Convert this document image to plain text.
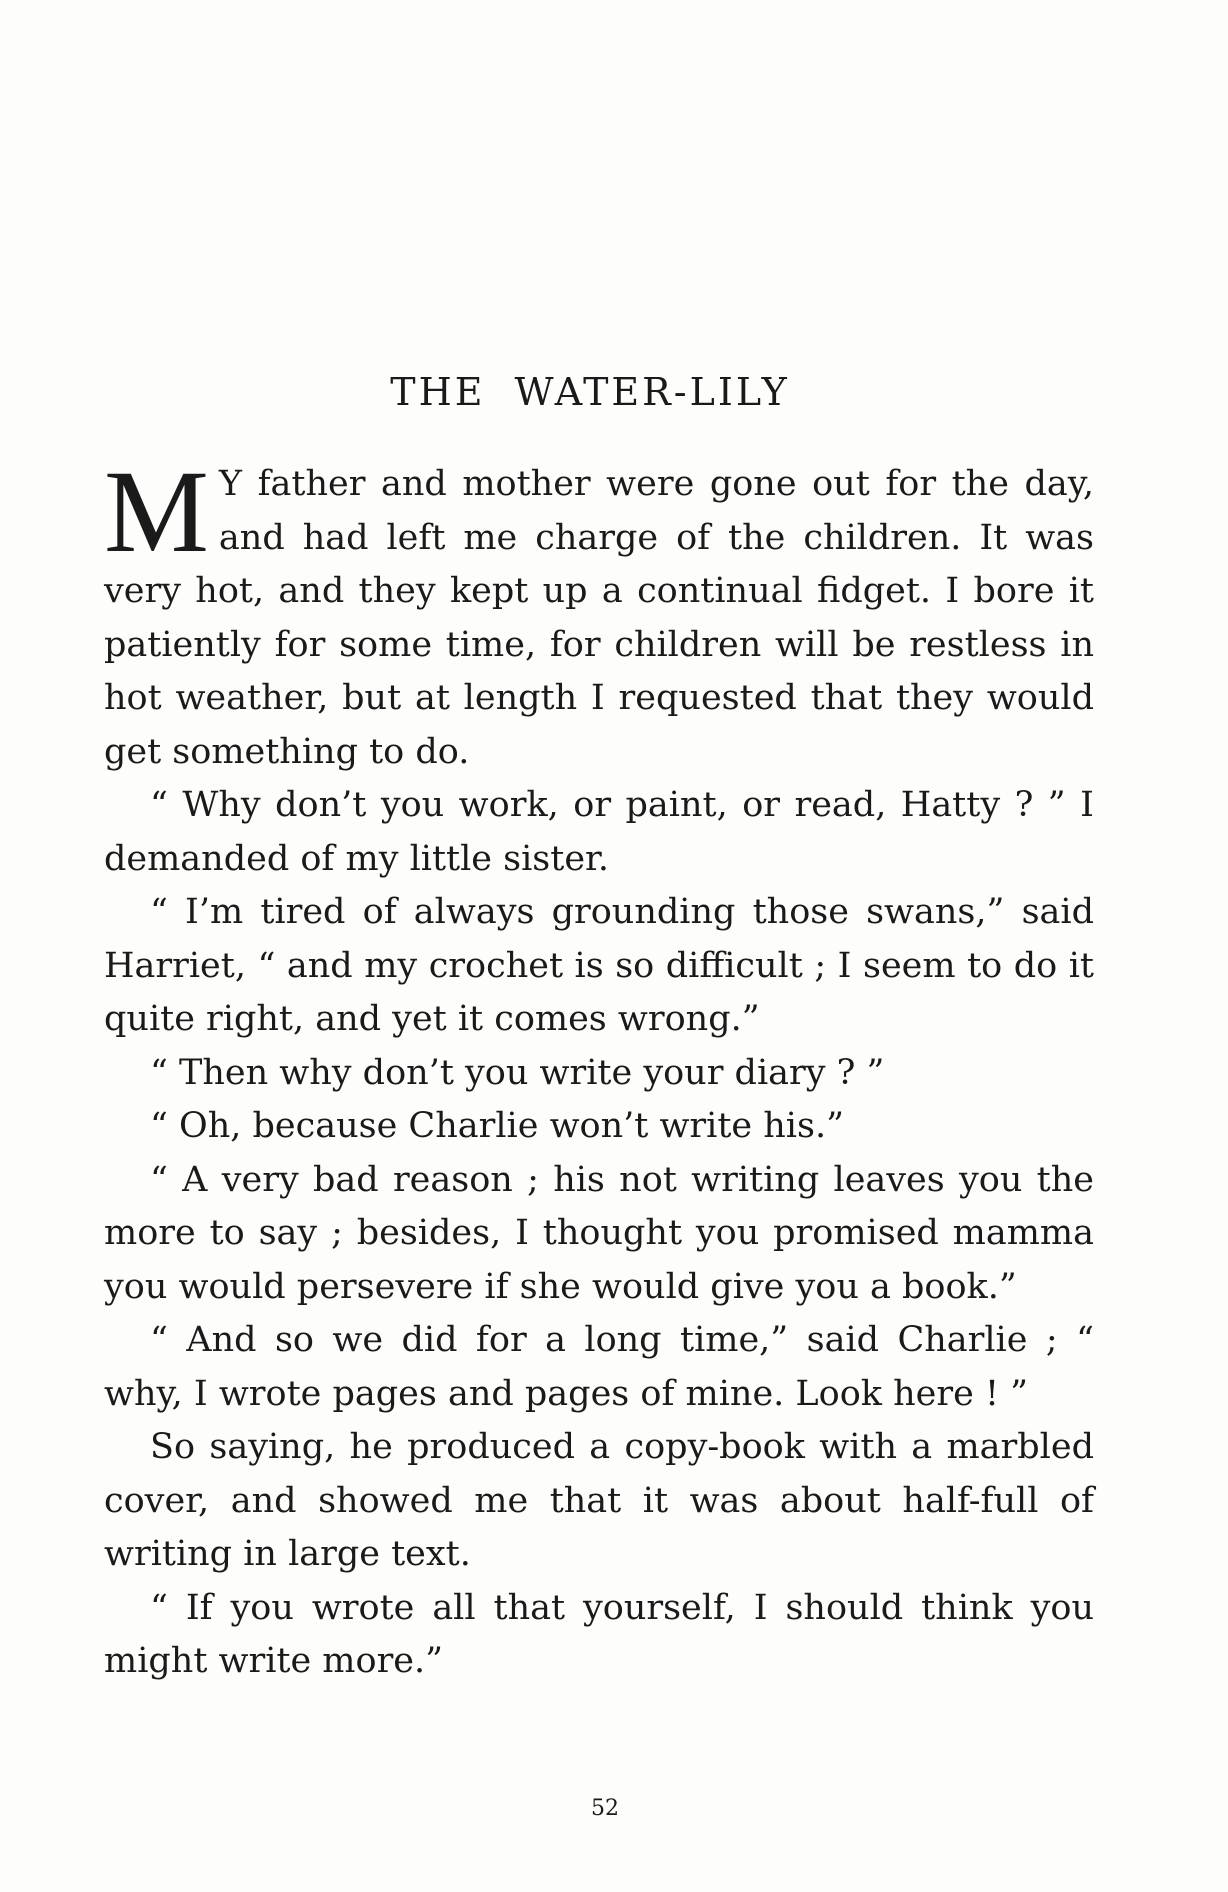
THE WATER-LILY

M Y father and mother were gone out for the day, and had left me charge of the children. It was very hot, and they kept up a continual fidget. I bore it patiently for some time, for children will be restless in hot weather, but at length I requested that they would get something to do.

“ Why don’t you work, or paint, or read, Hatty ? ” I demanded of my little sister.

“ I’m tired of always grounding those swans,” said Harriet, “ and my crochet is so difficult ; I seem to do it quite right, and yet it comes wrong.”

“ Then why don’t you write your diary ? ”

“ Oh, because Charlie won’t write his.”

“ A very bad reason ; his not writing leaves you the more to say ; besides, I thought you promised mamma you would persevere if she would give you a book.”

“ And so we did for a long time,” said Charlie ; “ why, I wrote pages and pages of mine. Look here ! ”

So saying, he produced a copy-book with a marbled cover, and showed me that it was about half-full of writing in large text.

“ If you wrote all that yourself, I should think you might write more.”

52
